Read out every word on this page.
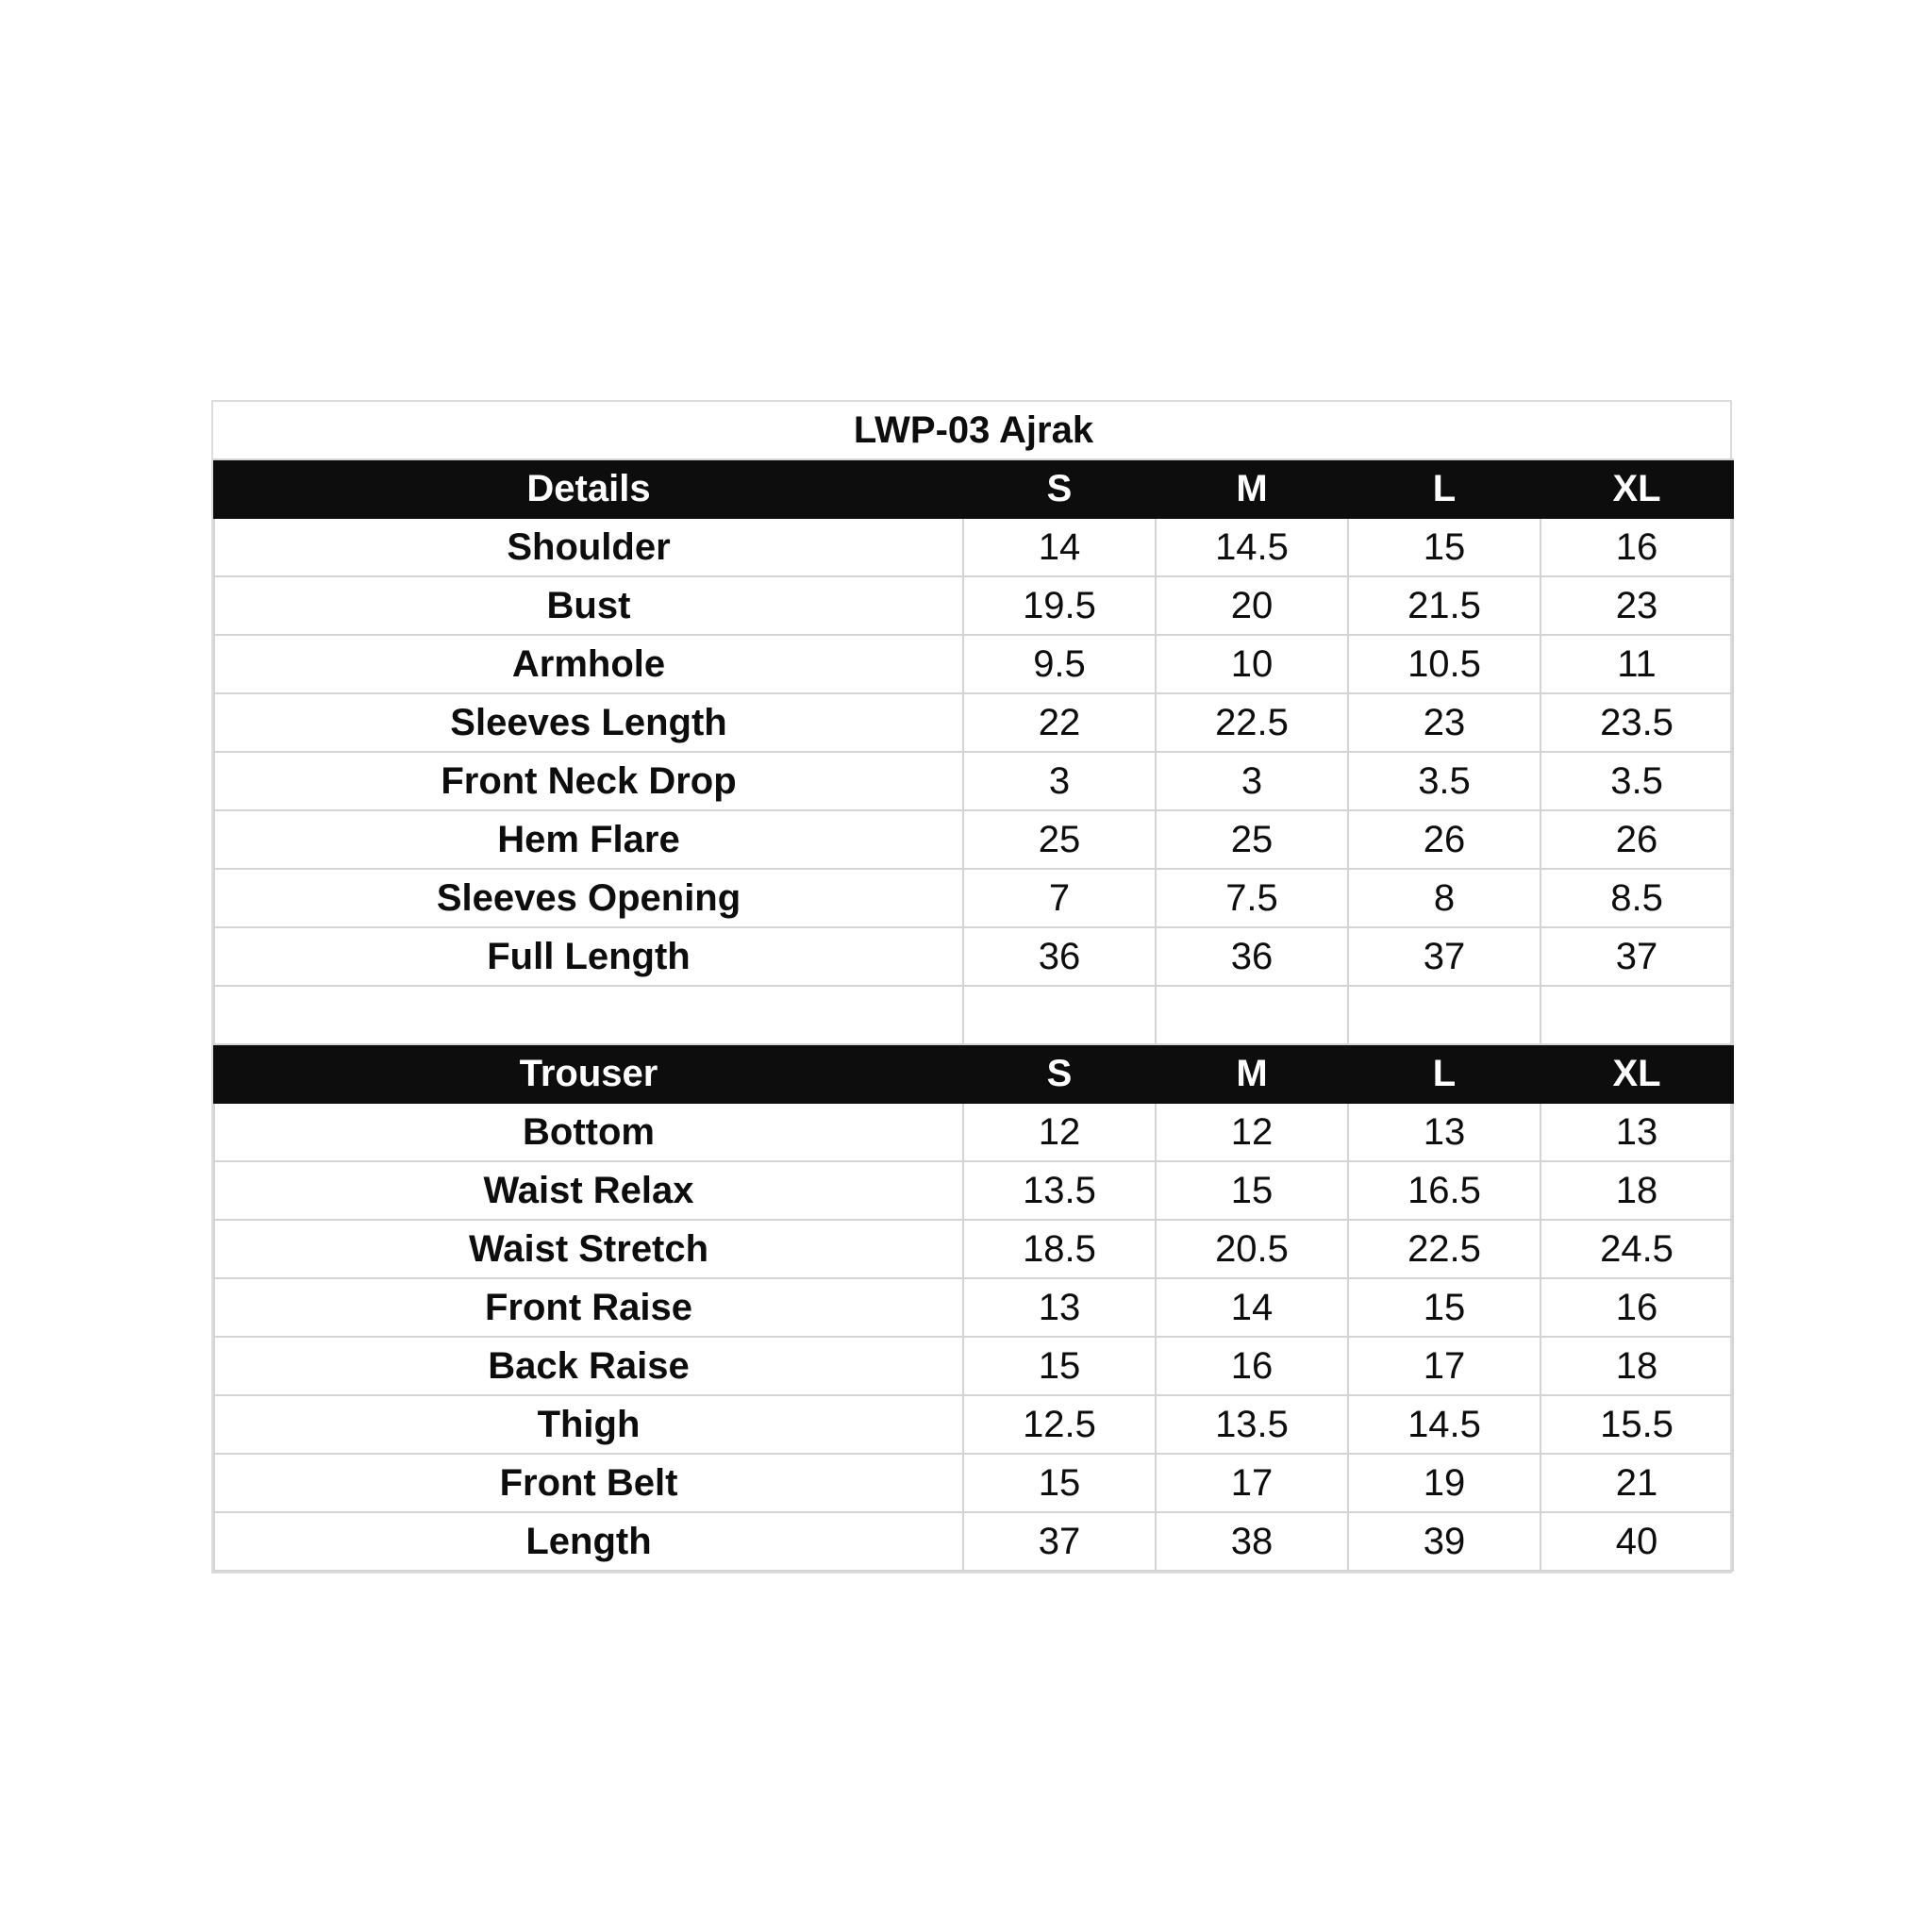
LWP-03 Ajrak				
Details	S	M	L	XL
Shoulder	14	14.5	15	16
Bust	19.5	20	21.5	23
Armhole	9.5	10	10.5	11
Sleeves Length	22	22.5	23	23.5
Front Neck Drop	3	3	3.5	3.5
Hem Flare	25	25	26	26
Sleeves Opening	7	7.5	8	8.5
Full Length	36	36	37	37

Trouser	S	M	L	XL
Bottom	12	12	13	13
Waist Relax	13.5	15	16.5	18
Waist Stretch	18.5	20.5	22.5	24.5
Front Raise	13	14	15	16
Back Raise	15	16	17	18
Thigh	12.5	13.5	14.5	15.5
Front Belt	15	17	19	21
Length	37	38	39	40
